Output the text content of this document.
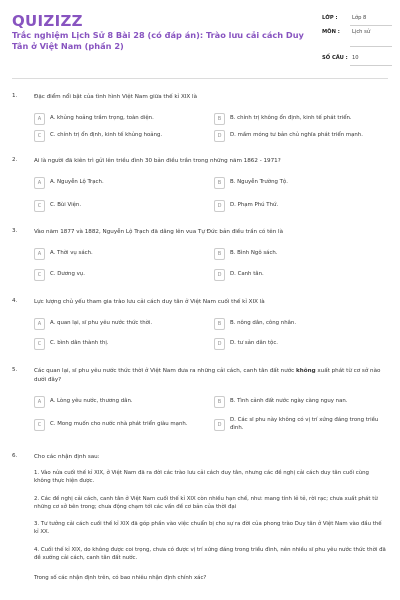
QUIZIZZ
Trắc nghiệm Lịch Sử 8 Bài 28 (có đáp án): Trào lưu cải cách Duy Tân ở Việt Nam (phần 2)
LỚP :	Lớp 8
MÔN : Lịch sử
SỐ CÂU : 10
1.	Đặc điểm nổi bật của tình hình Việt Nam giữa thế kỉ XIX là
A	A. khủng hoảng trầm trọng, toàn diện.	B	B. chính trị không ổn định, kinh tế phát triển.
C	C. chính trị ổn định, kinh tế khủng hoảng.	D	D. mầm móng tư bản chủ nghĩa phát triển mạnh.
2.	Ai là người đã kiên trì gửi lên triều đình 30 bản điều trần trong những năm 1862 - 1971?
A	A. Nguyễn Lộ Trạch.	B	B. Nguyễn Trường Tộ.
C	C. Bùi Viện.	D	D. Phạm Phú Thứ.
3.	Vào năm 1877 và 1882, Nguyễn Lộ Trạch đã dâng lên vua Tự Đức bản điều trần có tên là
A	A. Thời vụ sách.	B	B. Bình Ngô sách.
C	C. Dương vụ.	D	D. Canh tân.
4.	Lực lượng chủ yếu tham gia trào lưu cải cách duy tân ở Việt Nam cuối thế kỉ XIX là
A	A. quan lại, sĩ phu yêu nước thức thời.	B	B. nông dân, công nhân.
C	C. bình dân thành thị.	D	D. tư sản dân tộc.
5.	Các quan lại, sĩ phu yêu nước thức thời ở Việt Nam đưa ra những cải cách, canh tân đất nước không xuất phát từ cơ sở nào dưới đây?
A	A. Lòng yêu nước, thương dân.	B	B. Tình cảnh đất nước ngày càng nguy nan.
C	C. Mong muốn cho nước nhà phát triển giàu mạnh.	D
D. Các sĩ phu này không có vị trí xứng đáng trong triều đình.
6.	Cho các nhận định sau:
1. Vào nửa cuối thế kỉ XIX, ở Việt Nam đã ra đời các trào lưu cải cách duy tân, nhưng các đề nghị cải cách duy tân cuối cùng không thực hiện được.
2. Các đề nghị cải cách, canh tân ở Việt Nam cuối thế kỉ XIX còn nhiều hạn chế, như: mang tính lẻ tẻ, rời rạc; chưa xuất phát từ những cơ sở bên trong; chưa động chạm tới các vấn đề cơ bản của thời đại
3. Tư tưởng cải cách cuối thế kỉ XIX đã góp phần vào việc chuẩn bị cho sự ra đời của phong trào Duy tân ở Việt Nam vào đầu thế kỉ XX.
4. Cuối thế kỉ XIX, do không được coi trọng, chưa có được vị trí xứng đáng trong triều đình, nên nhiều sĩ phu yêu nước thức thời đã đề xướng cải cách, canh tân đất nước.
Trong số các nhận định trên, có bao nhiêu nhận định chính xác?
